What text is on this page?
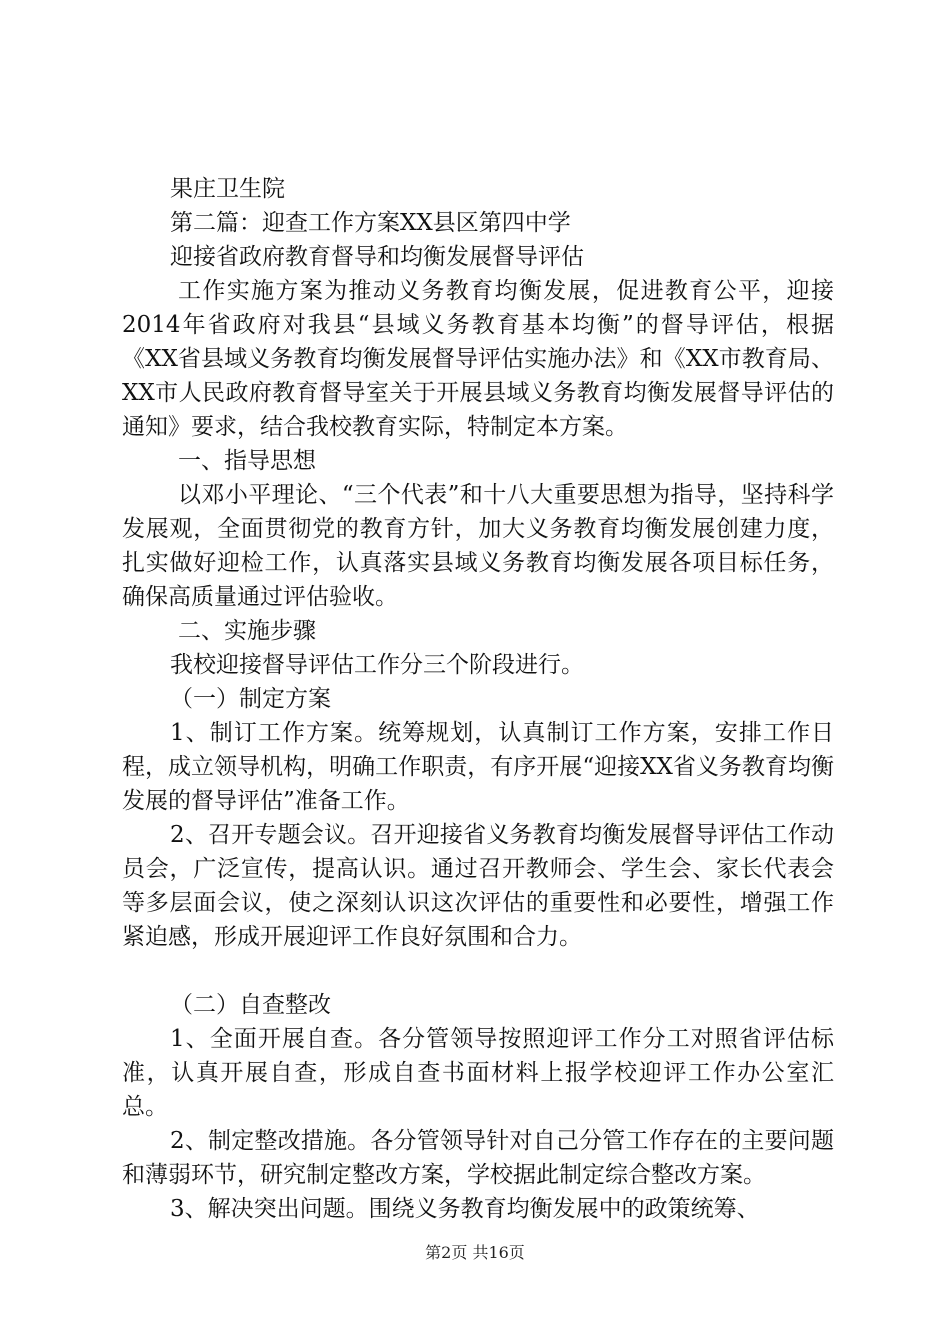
果庄卫生院

第二篇：迎查工作方案XX县区第四中学

迎接省政府教育督导和均衡发展督导评估

工作实施方案为推动义务教育均衡发展，促进教育公平，迎接2014年省政府对我县“县域义务教育基本均衡”的督导评估，根据《XX省县域义务教育均衡发展督导评估实施办法》和《XX市教育局、XX市人民政府教育督导室关于开展县域义务教育均衡发展督导评估的通知》要求，结合我校教育实际，特制定本方案。

一、指导思想

以邓小平理论、“三个代表”和十八大重要思想为指导，坚持科学发展观，全面贯彻党的教育方针，加大义务教育均衡发展创建力度，扎实做好迎检工作，认真落实县域义务教育均衡发展各项目标任务，确保高质量通过评估验收。

二、实施步骤

我校迎接督导评估工作分三个阶段进行。

（一）制定方案

1、制订工作方案。统筹规划，认真制订工作方案，安排工作日程，成立领导机构，明确工作职责，有序开展“迎接XX省义务教育均衡发展的督导评估”准备工作。

2、召开专题会议。召开迎接省义务教育均衡发展督导评估工作动员会，广泛宣传，提高认识。通过召开教师会、学生会、家长代表会等多层面会议，使之深刻认识这次评估的重要性和必要性，增强工作紧迫感，形成开展迎评工作良好氛围和合力。

（二）自查整改

1、全面开展自查。各分管领导按照迎评工作分工对照省评估标准，认真开展自查，形成自查书面材料上报学校迎评工作办公室汇总。

2、制定整改措施。各分管领导针对自己分管工作存在的主要问题和薄弱环节，研究制定整改方案，学校据此制定综合整改方案。

3、解决突出问题。围绕义务教育均衡发展中的政策统筹、

第2页 共16页
